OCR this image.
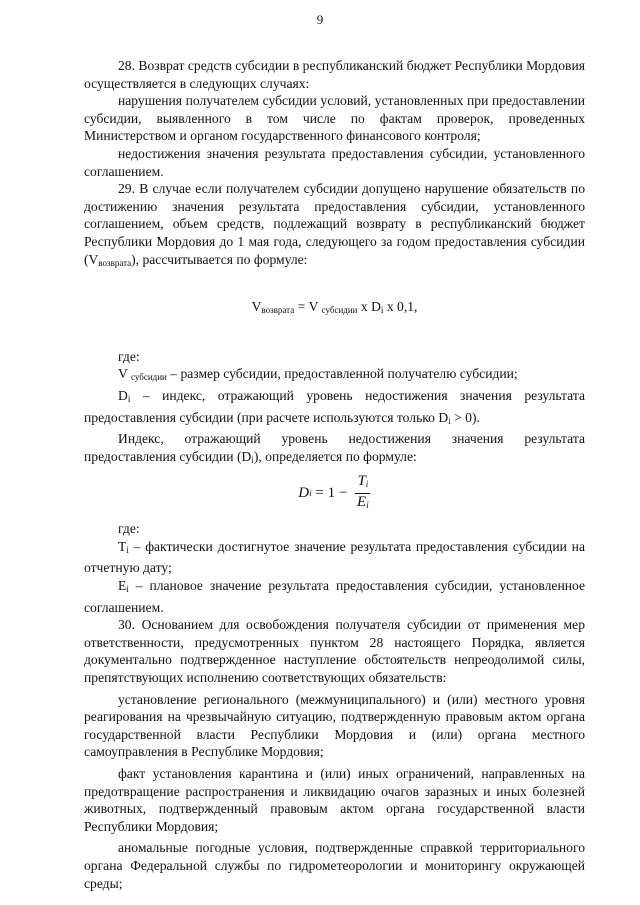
9

28. Возврат средств субсидии в республиканский бюджет Республики Мордовия осуществляется в следующих случаях:

нарушения получателем субсидии условий, установленных при предоставлении субсидии, выявленного в том числе по фактам проверок, проведенных Министерством и органом государственного финансового контроля;

недостижения значения результата предоставления субсидии, установленного соглашением.

29. В случае если получателем субсидии допущено нарушение обязательств по достижению значения результата предоставления субсидии, установленного соглашением, объем средств, подлежащий возврату в республиканский бюджет Республики Мордовия до 1 мая года, следующего за годом предоставления субсидии $(V_{возврата})$, рассчитывается по формуле:

$V_{возврата} = V$ $_{субсидии}$ x $D_i$ x 0,1,

где:

V $_{субсидии}$ – размер субсидии, предоставленной получателю субсидии;

$D_i$ – индекс, отражающий уровень недостижения значения результата предоставления субсидии (при расчете используются только $D_i > 0$).

Индекс, отражающий уровень недостижения значения результата предоставления субсидии $(D_i)$, определяется по формуле:

D $i = 1 - \frac{T_i}{E_i}$

где:

$T_i$ – фактически достигнутое значение результата предоставления субсидии на отчетную дату;

$E_i$ – плановое значение результата предоставления субсидии, установленное соглашением.

30. Основанием для освобождения получателя субсидии от применения мер ответственности, предусмотренных пунктом 28 настоящего Порядка, является документально подтвержденное наступление обстоятельств непреодолимой силы, препятствующих исполнению соответствующих обязательств:

установление регионального (межмуниципального) и (или) местного уровня реагирования на чрезвычайную ситуацию, подтвержденную правовым актом органа государственной власти Республики Мордовия и (или) органа местного самоуправления в Республике Мордовия;

факт установления карантина и (или) иных ограничений, направленных на предотвращение распространения и ликвидацию очагов заразных и иных болезней животных, подтвержденный правовым актом органа государственной власти Республики Мордовия;

аномальные погодные условия, подтвержденные справкой территориального органа Федеральной службы по гидрометеорологии и мониторингу окружающей среды;
